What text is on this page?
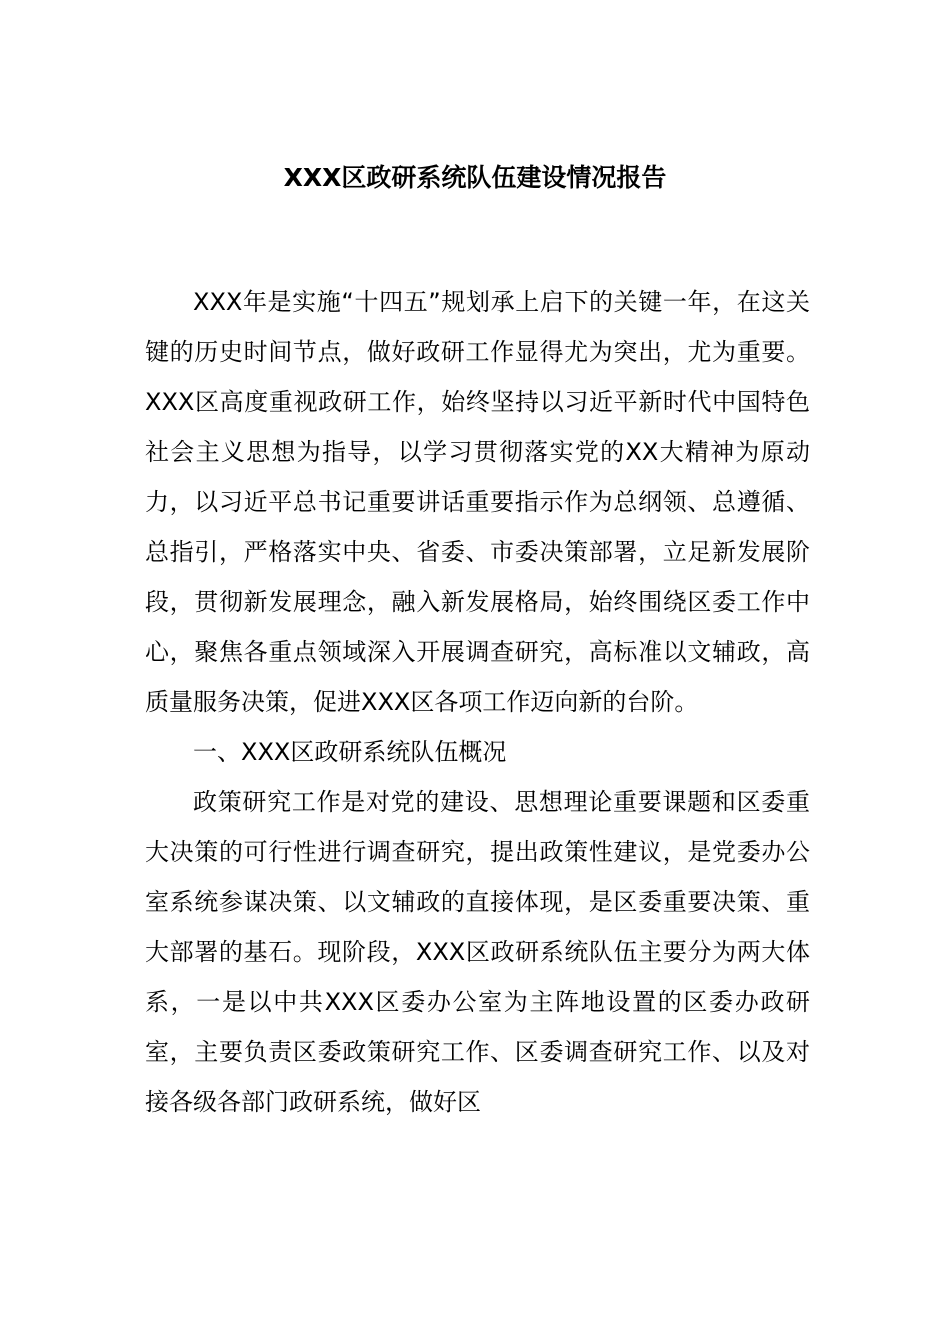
XXX区政研系统队伍建设情况报告

XXX年是实施“十四五”规划承上启下的关键一年，在这关键的历史时间节点，做好政研工作显得尤为突出，尤为重要。XXX区高度重视政研工作，始终坚持以习近平新时代中国特色社会主义思想为指导，以学习贯彻落实党的XX大精神为原动力，以习近平总书记重要讲话重要指示作为总纲领、总遵循、总指引，严格落实中央、省委、市委决策部署，立足新发展阶段，贯彻新发展理念，融入新发展格局，始终围绕区委工作中心，聚焦各重点领域深入开展调查研究，高标准以文辅政，高质量服务决策，促进XXX区各项工作迈向新的台阶。

一、XXX区政研系统队伍概况

政策研究工作是对党的建设、思想理论重要课题和区委重大决策的可行性进行调查研究，提出政策性建议，是党委办公室系统参谋决策、以文辅政的直接体现，是区委重要决策、重大部署的基石。现阶段，XXX区政研系统队伍主要分为两大体系，一是以中共XXX区委办公室为主阵地设置的区委办政研室，主要负责区委政策研究工作、区委调查研究工作、以及对接各级各部门政研系统，做好区
